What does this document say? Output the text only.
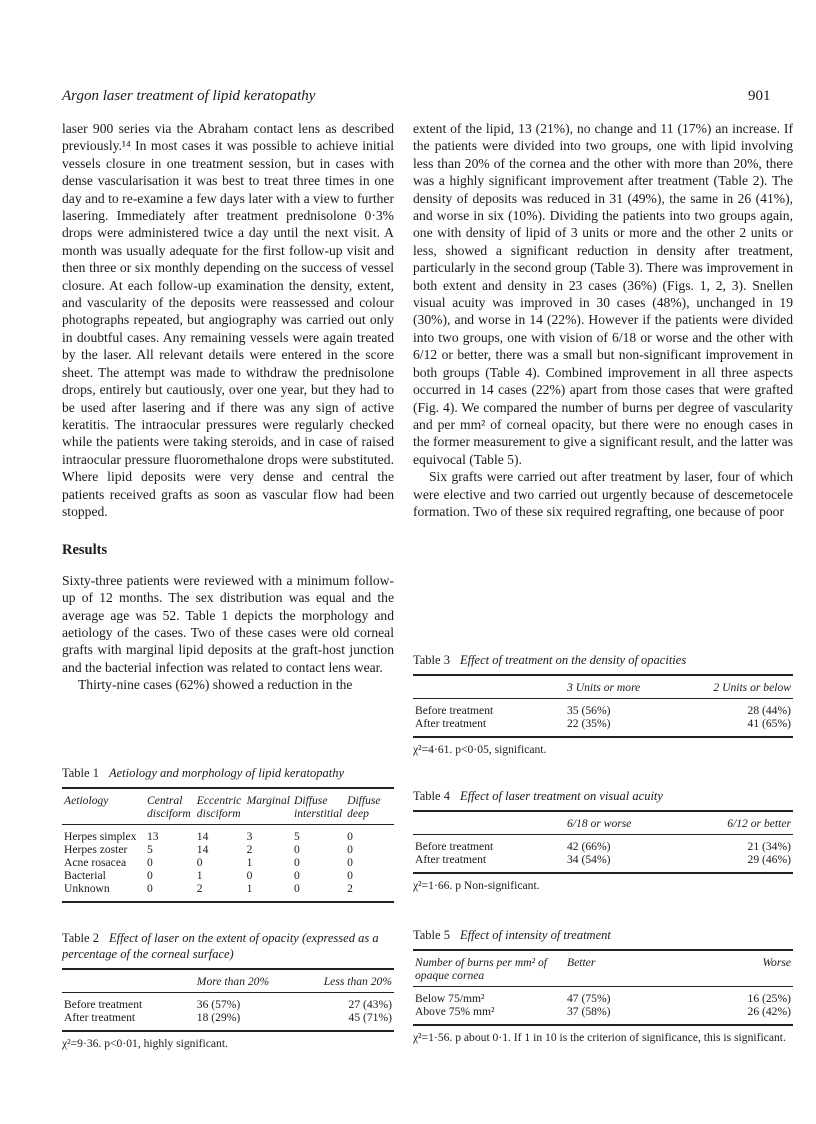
Argon laser treatment of lipid keratopathy	901

laser 900 series via the Abraham contact lens as described previously.¹⁴ In most cases it was possible to achieve initial vessels closure in one treatment session, but in cases with dense vascularisation it was best to treat three times in one day and to re-examine a few days later with a view to further lasering. Immediately after treatment prednisolone 0·3% drops were administered twice a day until the next visit. A month was usually adequate for the first follow-up visit and then three or six monthly depending on the success of vessel closure. At each follow-up examination the density, extent, and vascularity of the deposits were reassessed and colour photographs repeated, but angiography was carried out only in doubtful cases. Any remaining vessels were again treated by the laser. All relevant details were entered in the score sheet. The attempt was made to withdraw the prednisolone drops, entirely but cautiously, over one year, but they had to be used after lasering and if there was any sign of active keratitis. The intraocular pressures were regularly checked while the patients were taking steroids, and in case of raised intraocular pressure fluoromethalone drops were substituted. Where lipid deposits were very dense and central the patients received grafts as soon as vascular flow had been stopped.

Results

Sixty-three patients were reviewed with a minimum follow-up of 12 months. The sex distribution was equal and the average age was 52. Table 1 depicts the morphology and aetiology of the cases. Two of these cases were old corneal grafts with marginal lipid deposits at the graft-host junction and the bacterial infection was related to contact lens wear.

Thirty-nine cases (62%) showed a reduction in the

Table 1 Aetiology and morphology of lipid keratopathy
Aetiology	Central disciform	Eccentric disciform	Marginal	Diffuse interstitial	Diffuse deep
Herpes simplex	13	14	3	5	0
Herpes zoster	5	14	2	0	0
Acne rosacea	0	0	1	0	0
Bacterial	0	1	0	0	0
Unknown	0	2	1	0	2
Table 2 Effect of laser on the extent of opacity (expressed as a percentage of the corneal surface)
	More than 20%	Less than 20%
Before treatment	36 (57%)	27 (43%)
After treatment	18 (29%)	45 (71%)
χ²=9·36. p<0·01, highly significant.

extent of the lipid, 13 (21%), no change and 11 (17%) an increase. If the patients were divided into two groups, one with lipid involving less than 20% of the cornea and the other with more than 20%, there was a highly significant improvement after treatment (Table 2). The density of deposits was reduced in 31 (49%), the same in 26 (41%), and worse in six (10%). Dividing the patients into two groups again, one with density of lipid of 3 units or more and the other 2 units or less, showed a significant reduction in density after treatment, particularly in the second group (Table 3). There was improvement in both extent and density in 23 cases (36%) (Figs. 1, 2, 3). Snellen visual acuity was improved in 30 cases (48%), unchanged in 19 (30%), and worse in 14 (22%). However if the patients were divided into two groups, one with vision of 6/18 or worse and the other with 6/12 or better, there was a small but non-significant improvement in both groups (Table 4). Combined improvement in all three aspects occurred in 14 cases (22%) apart from those cases that were grafted (Fig. 4). We compared the number of burns per degree of vascularity and per mm² of corneal opacity, but there were no enough cases in the former measurement to give a significant result, and the latter was equivocal (Table 5).

Six grafts were carried out after treatment by laser, four of which were elective and two carried out urgently because of descemetocele formation. Two of these six required regrafting, one because of poor

Table 3 Effect of treatment on the density of opacities
	3 Units or more	2 Units or below
Before treatment	35 (56%)	28 (44%)
After treatment	22 (35%)	41 (65%)
χ²=4·61. p<0·05, significant.
Table 4 Effect of laser treatment on visual acuity
	6/18 or worse	6/12 or better
Before treatment	42 (66%)	21 (34%)
After treatment	34 (54%)	29 (46%)
χ²=1·66. p Non-significant.
Table 5 Effect of intensity of treatment
Number of burns per mm² of opaque cornea	Better	Worse
Below 75/mm²	47 (75%)	16 (25%)
Above 75% mm²	37 (58%)	26 (42%)
χ²=1·56. p about 0·1. If 1 in 10 is the criterion of significance, this is significant.
